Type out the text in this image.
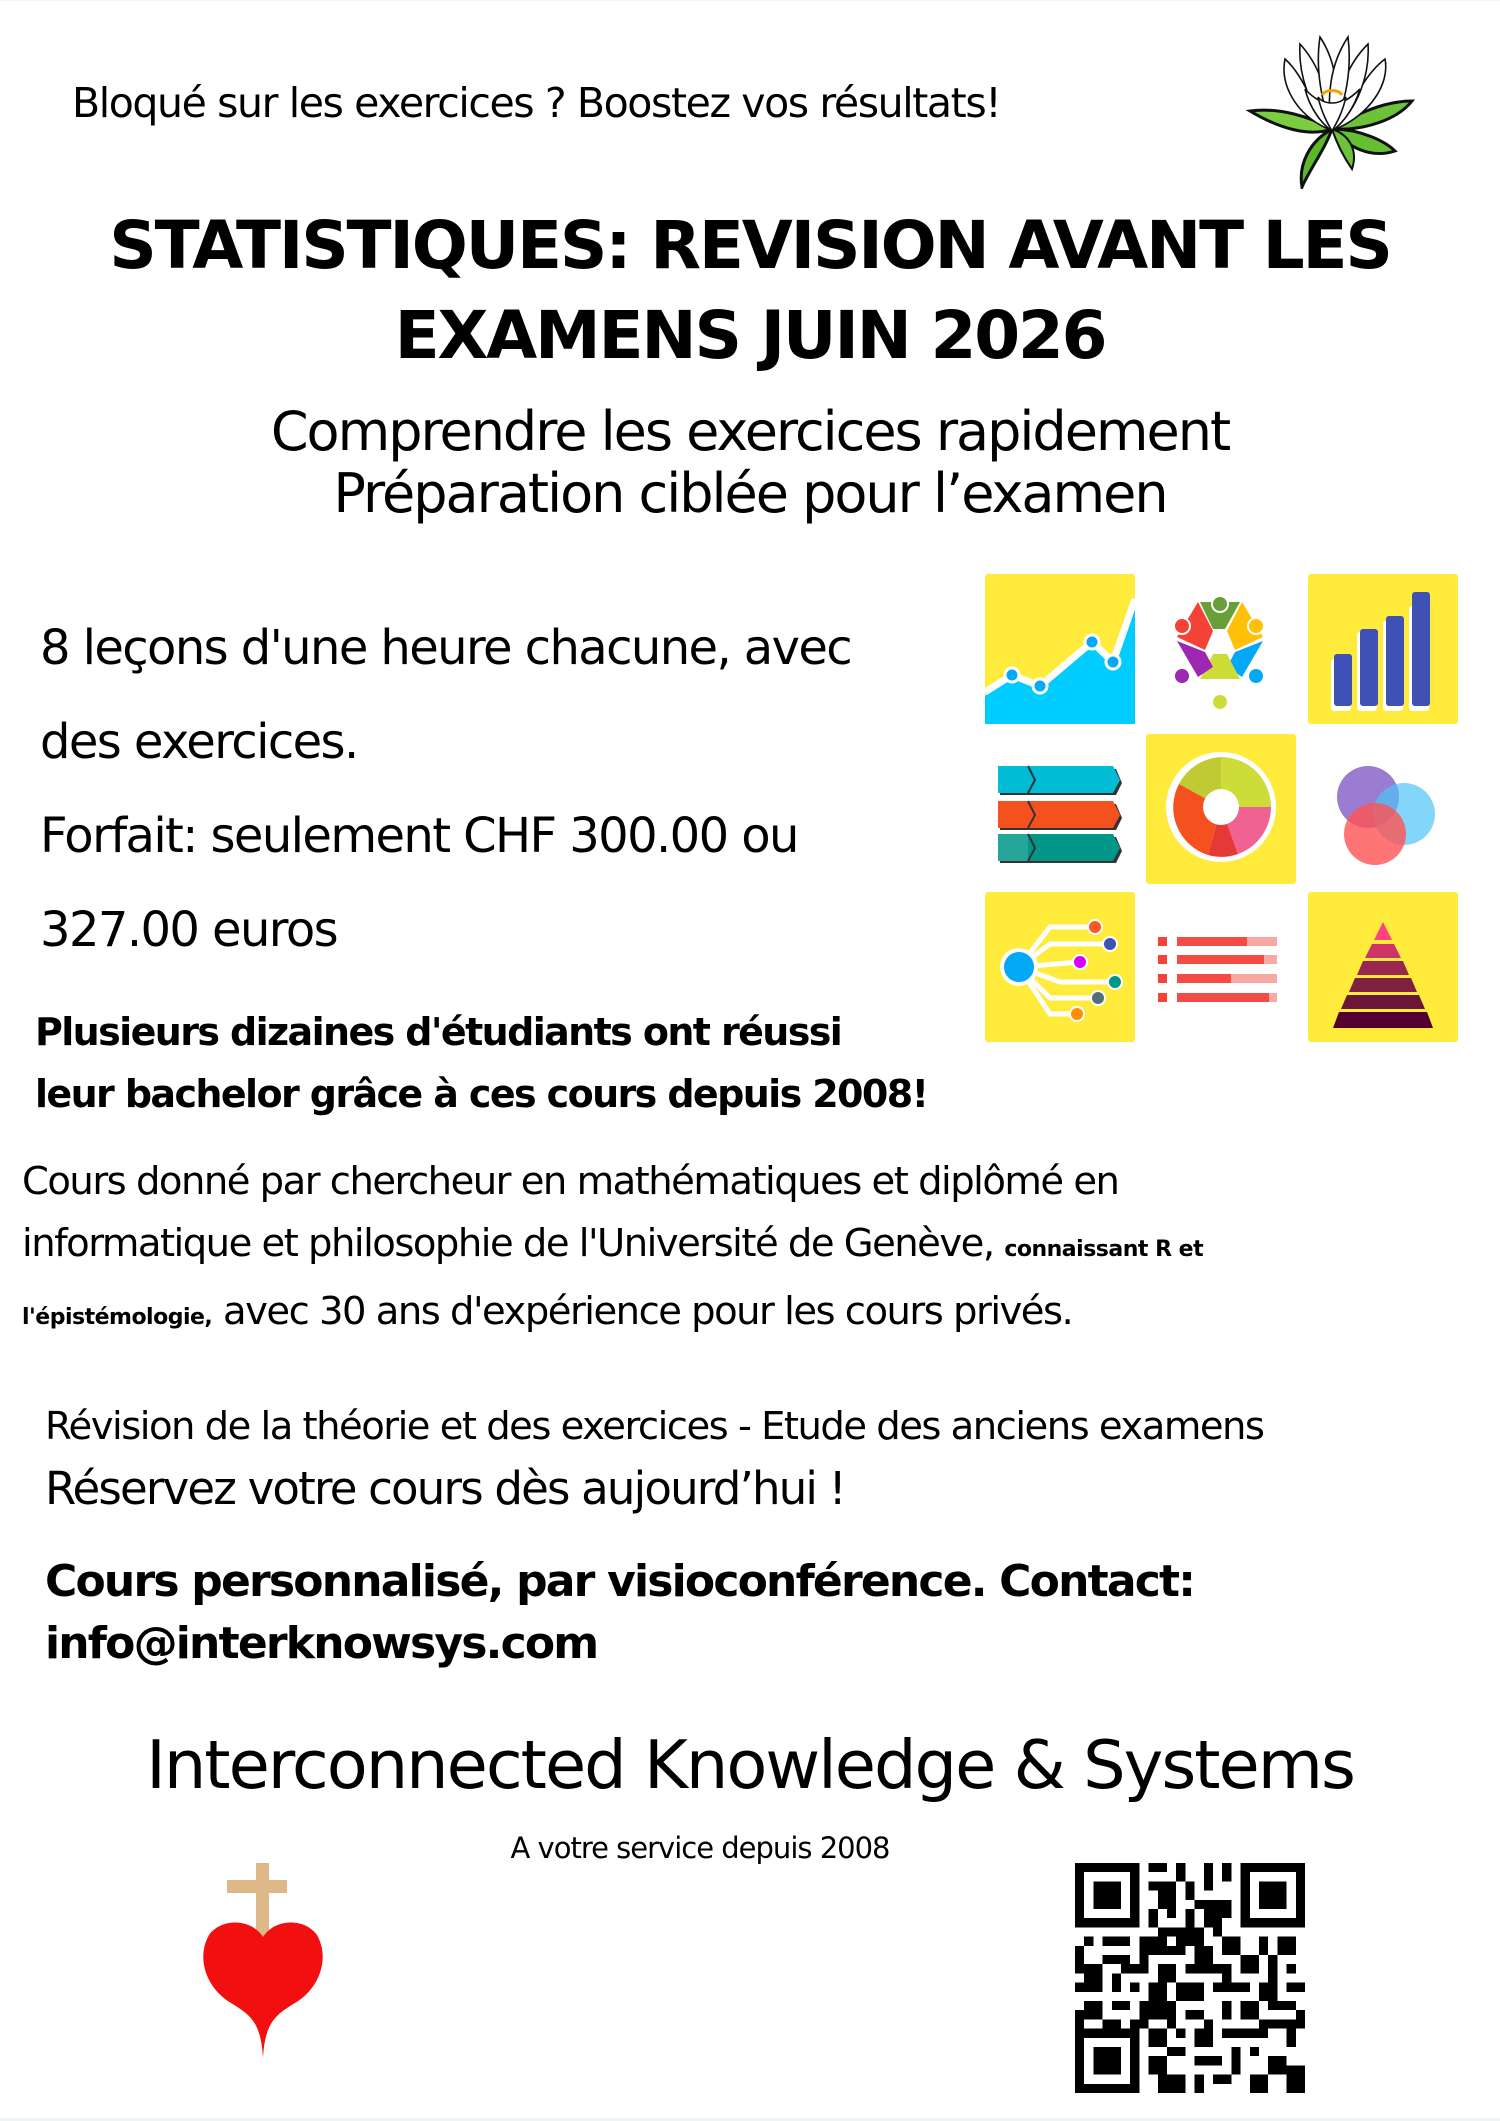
Bloqué sur les exercices ? Boostez vos résultats!
STATISTIQUES: REVISION AVANT LES
EXAMENS JUIN 2026
Comprendre les exercices rapidement
Préparation ciblée pour l’examen
8 leçons d'une heure chacune, avec
des exercices.
Forfait: seulement CHF 300.00 ou
327.00 euros
Plusieurs dizaines d'étudiants ont réussi
leur bachelor grâce à ces cours depuis 2008!
Cours donné par chercheur en mathématiques et diplômé en
informatique et philosophie de l'Université de Genève, connaissant R et
l'épistémologie, avec 30 ans d'expérience pour les cours privés.
Révision de la théorie et des exercices - Etude des anciens examens
Réservez votre cours dès aujourd’hui !
Cours personnalisé, par visioconférence. Contact:
info@interknowsys.com
Interconnected Knowledge & Systems
A votre service depuis 2008
